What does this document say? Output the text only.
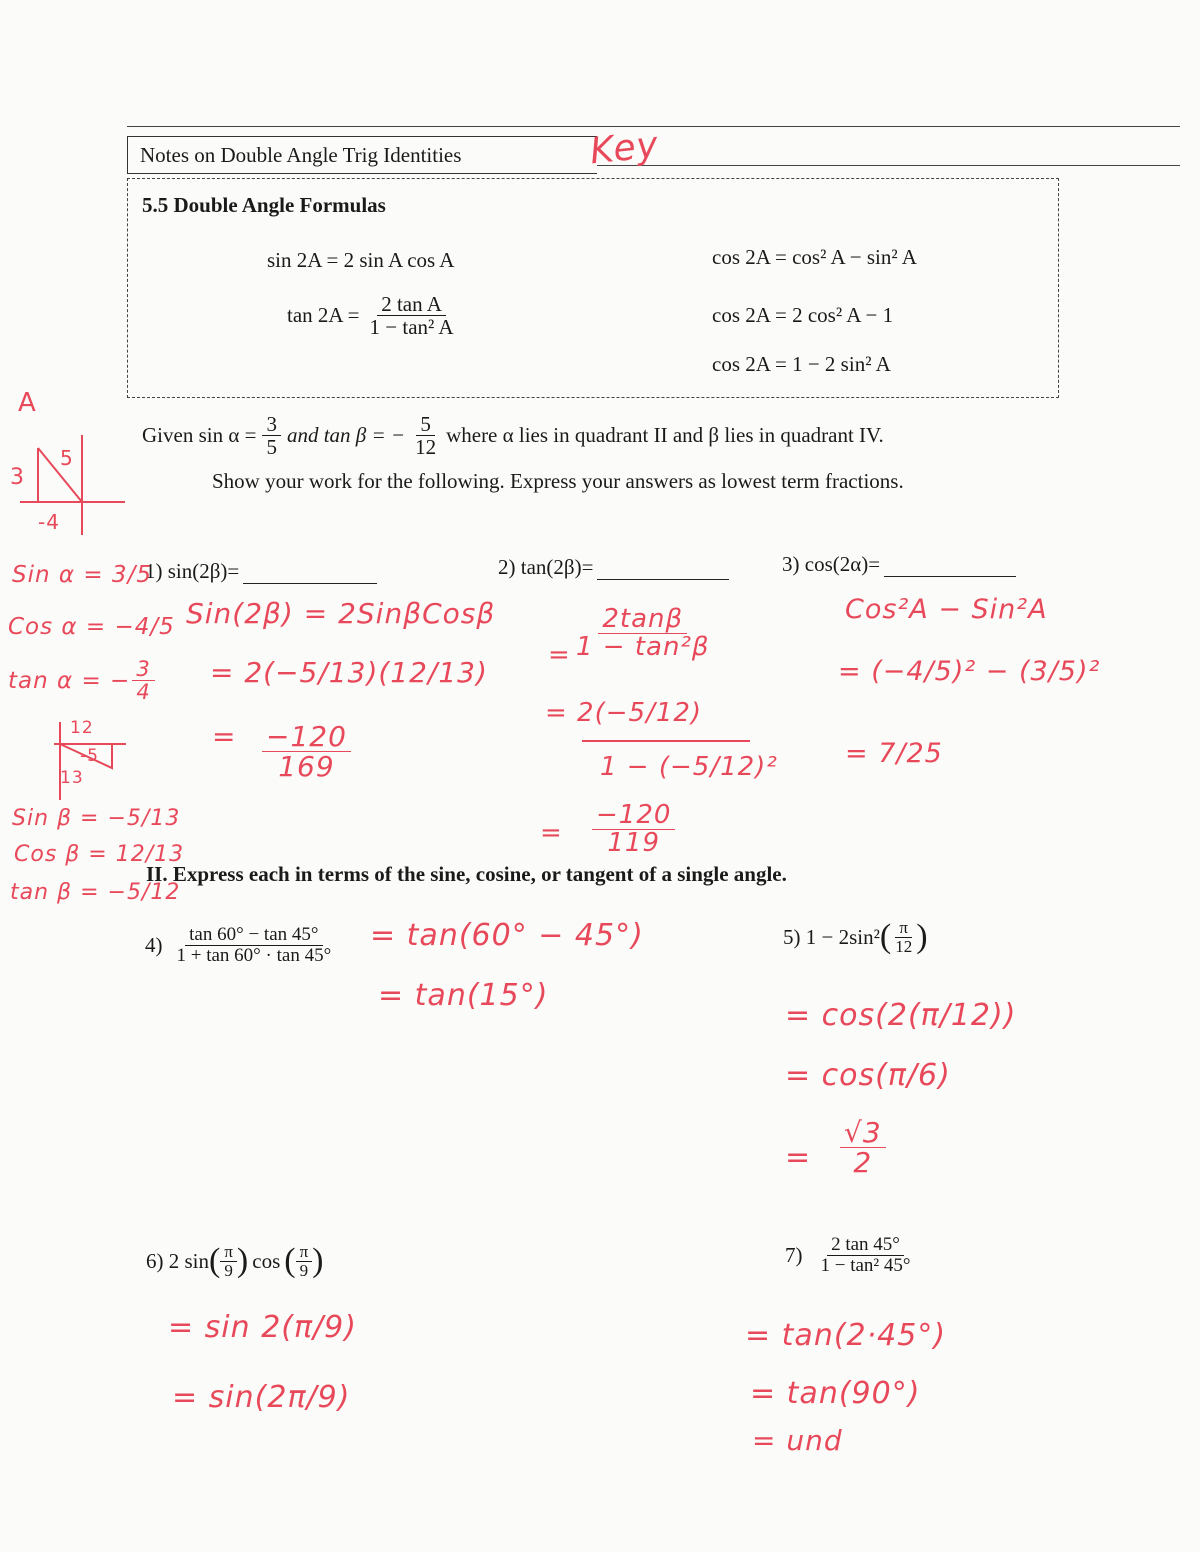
Notes on Double Angle Trig Identities	Key
5.5 Double Angle Formulas
sin 2A = 2 sin A cos A
$\tan 2A = \frac{\text{2 tan A}}{\text{1 − tan² A}}$
cos 2A = cos² A − sin² A
cos 2A = 2 cos² A − 1
cos 2A = 1 − 2 sin² A
Given $\sin \alpha = \frac{3}{5}$ and tan β = − $\frac{5}{12}$ where α lies in quadrant II and β lies in quadrant IV.
Show your work for the following. Express your answers as lowest term fractions.
1) sin(2β)=	2) tan(2β)=	3) cos(2α)=
II. Express each in terms of the sine, cosine, or tangent of a single angle.
$4) \frac{\tan 60^\circ - \tan 45^\circ}{1 + \tan 60^\circ \cdot \tan 45^\circ}$	5) 1 − 2sin² ( $\frac{\pi}{12}$ )
6) 2 sin ( $\frac{\pi}{9}$ ) cos ( $\frac{\pi}{9}$ )	$7) \frac{2 \tan 45^\circ}{\text{1 − tan² 45°}}$
A
3
5
-4
Sin α = 3/5
Cos α = −4/5
tan α = − $\frac{3}{4}$
12
-5
13
Sin β = −5/13
Cos β = 12/13
tan β = −5/12
Sin(2β) = 2SinβCosβ
= 2(−5/13)(12/13)
= $\frac{-120}{169}$
= $\frac{2\tan\beta}{\text{1 − tan²β}}$
= 2(−5/12)
1 − (−5/12)²
= $\frac{-120}{119}$
Cos²A − Sin²A
= (−4/5)² − (3/5)²
= 7/25
= tan(60° − 45°)
= tan(15°)
= cos(2(π/12))
= cos(π/6)
= $\frac{√3}{2}$
= sin 2(π/9)
= sin(2π/9)
= tan(2·45°)
= tan(90°)
= und
